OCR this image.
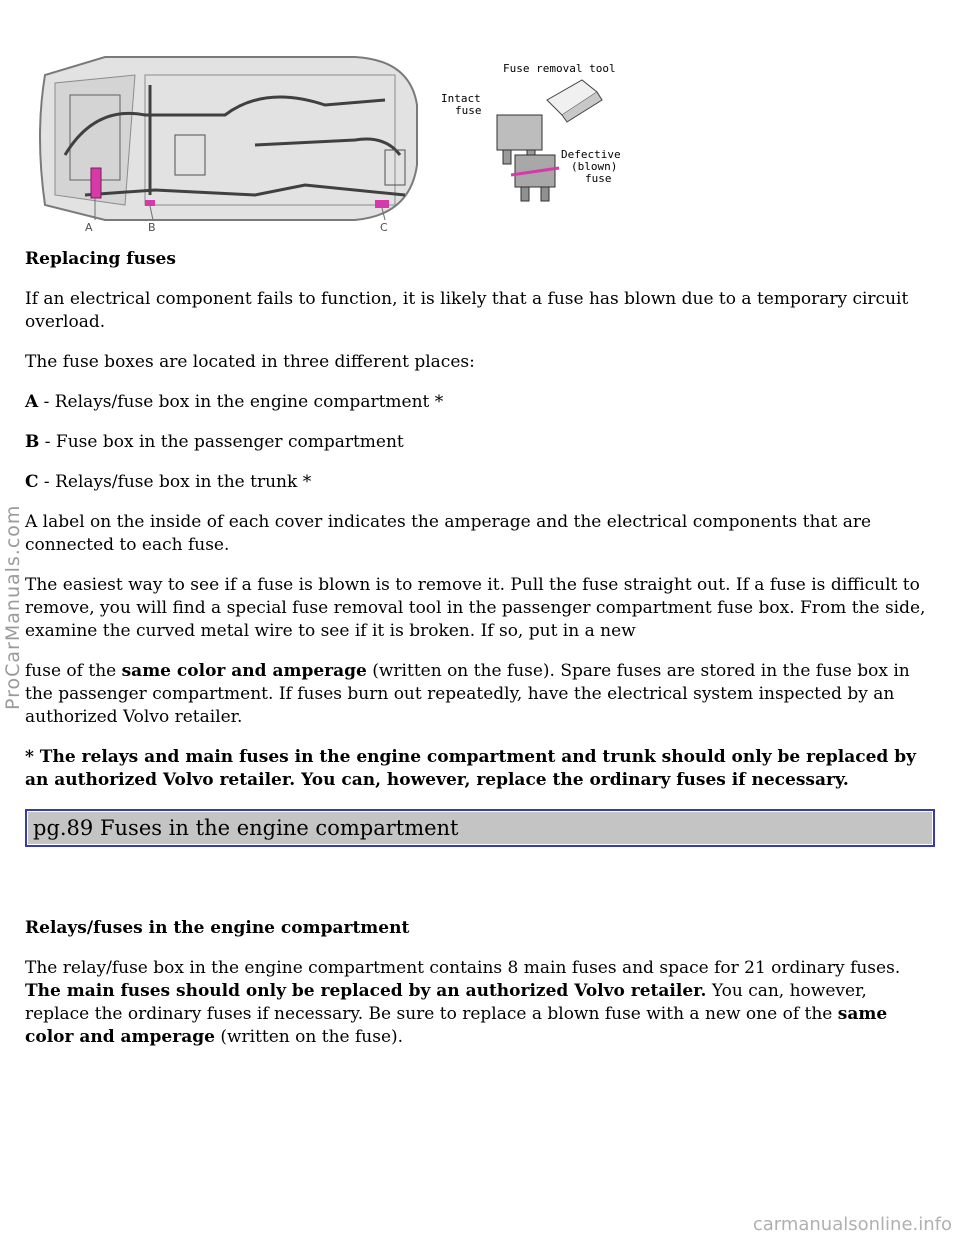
ProCarManuals.com
A	B	C
Fuse removal tool
Intact
fuse
Defective
(blown)
fuse

Replacing fuses

If an electrical component fails to function, it is likely that a fuse has blown due to a temporary circuit overload.

The fuse boxes are located in three different places:

A - Relays/fuse box in the engine compartment *

B - Fuse box in the passenger compartment

C - Relays/fuse box in the trunk *

A label on the inside of each cover indicates the amperage and the electrical components that are connected to each fuse.

The easiest way to see if a fuse is blown is to remove it. Pull the fuse straight out. If a fuse is difficult to remove, you will find a special fuse removal tool in the passenger compartment fuse box. From the side, examine the curved metal wire to see if it is broken. If so, put in a new

fuse of the same color and amperage (written on the fuse). Spare fuses are stored in the fuse box in the passenger compartment. If fuses burn out repeatedly, have the electrical system inspected by an authorized Volvo retailer.

* The relays and main fuses in the engine compartment and trunk should only be replaced by an authorized Volvo retailer. You can, however, replace the ordinary fuses if necessary.

pg.89 Fuses in the engine compartment

Relays/fuses in the engine compartment

The relay/fuse box in the engine compartment contains 8 main fuses and space for 21 ordinary fuses. The main fuses should only be replaced by an authorized Volvo retailer. You can, however, replace the ordinary fuses if necessary. Be sure to replace a blown fuse with a new one of the same color and amperage (written on the fuse).

carmanualsonline.info
